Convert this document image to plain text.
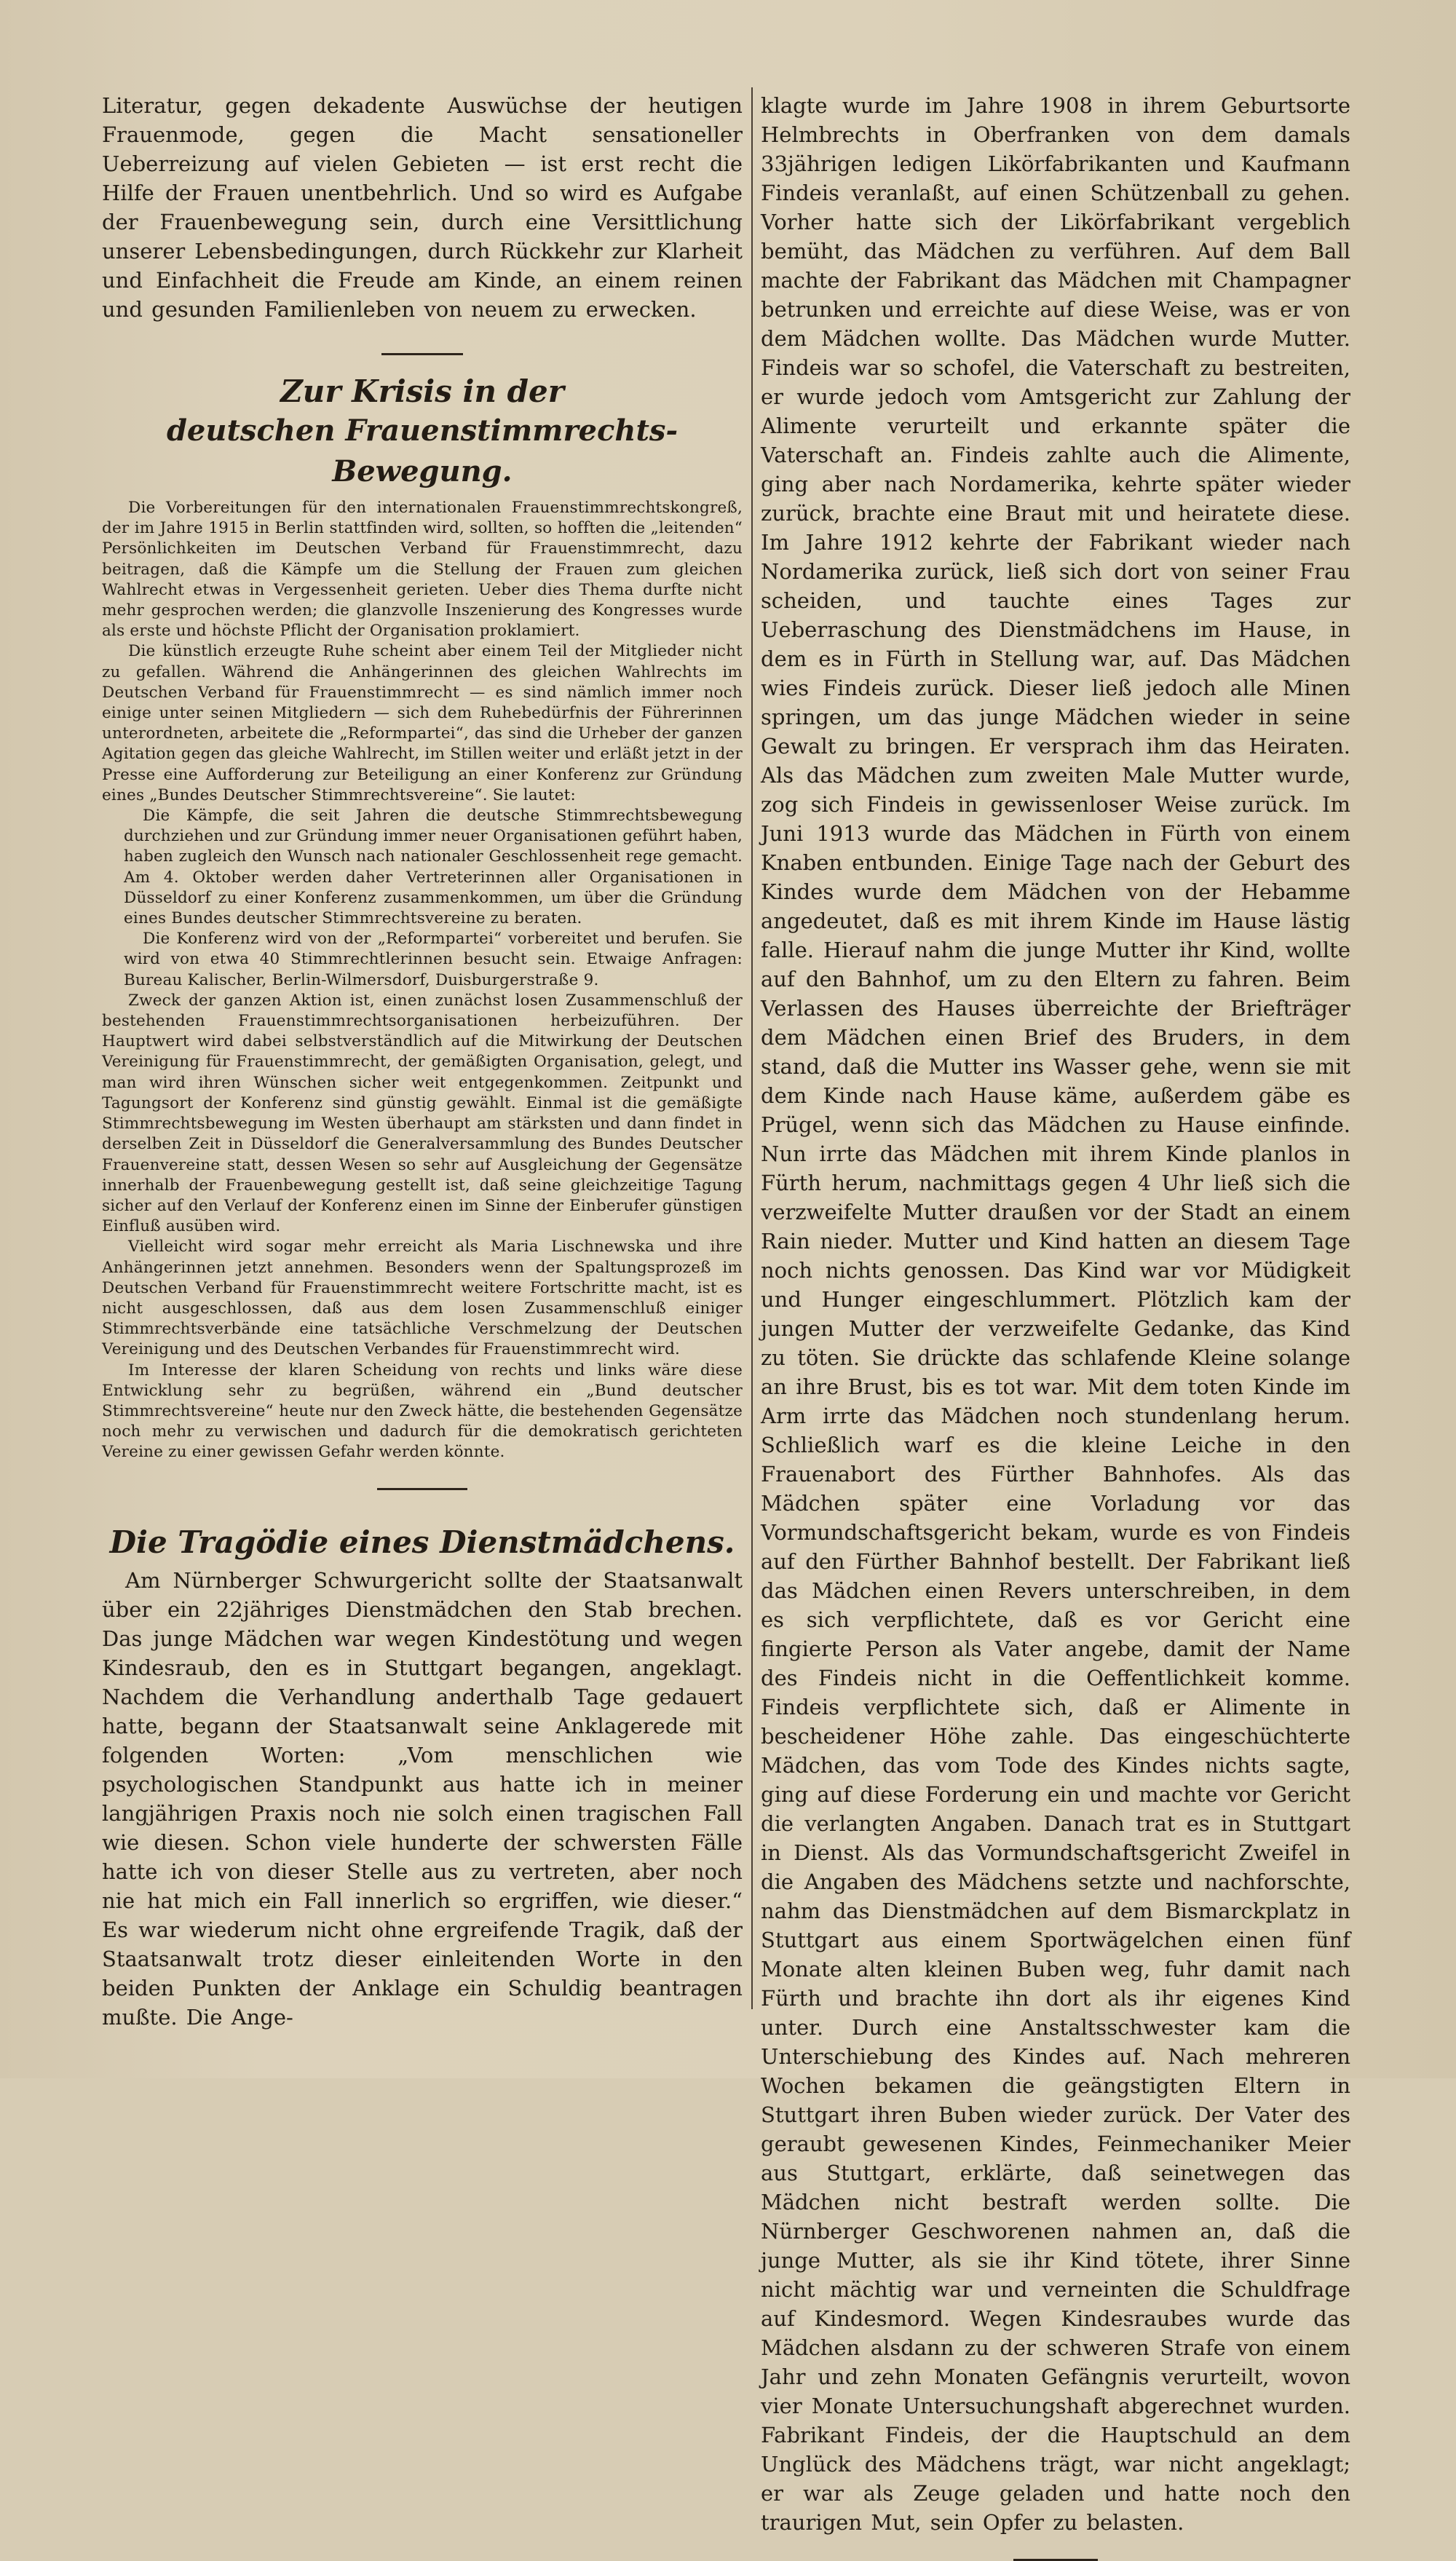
Literatur, gegen dekadente Auswüchse der heutigen Frauenmode, gegen die Macht sensationeller Ueberreizung auf vielen Gebieten — ist erst recht die Hilfe der Frauen unentbehrlich. Und so wird es Aufgabe der Frauenbewegung sein, durch eine Versittlichung unserer Lebensbedingungen, durch Rückkehr zur Klarheit und Einfachheit die Freude am Kinde, an einem reinen und gesunden Familienleben von neuem zu erwecken.

Zur Krisis in der
deutschen Frauenstimmrechts-Bewegung.

Die Vorbereitungen für den internationalen Frauenstimmrechtskongreß, der im Jahre 1915 in Berlin stattfinden wird, sollten, so hofften die „leitenden“ Persönlichkeiten im Deutschen Verband für Frauenstimmrecht, dazu beitragen, daß die Kämpfe um die Stellung der Frauen zum gleichen Wahlrecht etwas in Vergessenheit gerieten. Ueber dies Thema durfte nicht mehr gesprochen werden; die glanzvolle Inszenierung des Kongresses wurde als erste und höchste Pflicht der Organisation proklamiert.

Die künstlich erzeugte Ruhe scheint aber einem Teil der Mitglieder nicht zu gefallen. Während die Anhängerinnen des gleichen Wahlrechts im Deutschen Verband für Frauenstimmrecht — es sind nämlich immer noch einige unter seinen Mitgliedern — sich dem Ruhebedürfnis der Führerinnen unterordneten, arbeitete die „Reformpartei“, das sind die Urheber der ganzen Agitation gegen das gleiche Wahlrecht, im Stillen weiter und erläßt jetzt in der Presse eine Aufforderung zur Beteiligung an einer Konferenz zur Gründung eines „Bundes Deutscher Stimmrechtsvereine“. Sie lautet:

Die Kämpfe, die seit Jahren die deutsche Stimmrechtsbewegung durchziehen und zur Gründung immer neuer Organisationen geführt haben, haben zugleich den Wunsch nach nationaler Geschlossenheit rege gemacht. Am 4. Oktober werden daher Vertreterinnen aller Organisationen in Düsseldorf zu einer Konferenz zusammenkommen, um über die Gründung eines Bundes deutscher Stimmrechtsvereine zu beraten.

Die Konferenz wird von der „Reformpartei“ vorbereitet und berufen. Sie wird von etwa 40 Stimmrechtlerinnen besucht sein. Etwaige Anfragen: Bureau Kalischer, Berlin-Wilmersdorf, Duisburgerstraße 9.

Zweck der ganzen Aktion ist, einen zunächst losen Zusammenschluß der bestehenden Frauenstimmrechtsorganisationen herbeizuführen. Der Hauptwert wird dabei selbstverständlich auf die Mitwirkung der Deutschen Vereinigung für Frauenstimmrecht, der gemäßigten Organisation, gelegt, und man wird ihren Wünschen sicher weit entgegenkommen. Zeitpunkt und Tagungsort der Konferenz sind günstig gewählt. Einmal ist die gemäßigte Stimmrechtsbewegung im Westen überhaupt am stärksten und dann findet in derselben Zeit in Düsseldorf die Generalversammlung des Bundes Deutscher Frauenvereine statt, dessen Wesen so sehr auf Ausgleichung der Gegensätze innerhalb der Frauenbewegung gestellt ist, daß seine gleichzeitige Tagung sicher auf den Verlauf der Konferenz einen im Sinne der Einberufer günstigen Einfluß ausüben wird.

Vielleicht wird sogar mehr erreicht als Maria Lischnewska und ihre Anhängerinnen jetzt annehmen. Besonders wenn der Spaltungsprozeß im Deutschen Verband für Frauenstimmrecht weitere Fortschritte macht, ist es nicht ausgeschlossen, daß aus dem losen Zusammenschluß einiger Stimmrechtsverbände eine tatsächliche Verschmelzung der Deutschen Vereinigung und des Deutschen Verbandes für Frauenstimmrecht wird.

Im Interesse der klaren Scheidung von rechts und links wäre diese Entwicklung sehr zu begrüßen, während ein „Bund deutscher Stimmrechtsvereine“ heute nur den Zweck hätte, die bestehenden Gegensätze noch mehr zu verwischen und dadurch für die demokratisch gerichteten Vereine zu einer gewissen Gefahr werden könnte.

Die Tragödie eines Dienstmädchens.

Am Nürnberger Schwurgericht sollte der Staatsanwalt über ein 22jähriges Dienstmädchen den Stab brechen. Das junge Mädchen war wegen Kindestötung und wegen Kindesraub, den es in Stuttgart begangen, angeklagt. Nachdem die Verhandlung anderthalb Tage gedauert hatte, begann der Staatsanwalt seine Anklagerede mit folgenden Worten: „Vom menschlichen wie psychologischen Standpunkt aus hatte ich in meiner langjährigen Praxis noch nie solch einen tragischen Fall wie diesen. Schon viele hunderte der schwersten Fälle hatte ich von dieser Stelle aus zu vertreten, aber noch nie hat mich ein Fall innerlich so ergriffen, wie dieser.“ Es war wiederum nicht ohne ergreifende Tragik, daß der Staatsanwalt trotz dieser einleitenden Worte in den beiden Punkten der Anklage ein Schuldig beantragen mußte. Die Ange-

klagte wurde im Jahre 1908 in ihrem Geburtsorte Helmbrechts in Oberfranken von dem damals 33jährigen ledigen Likörfabrikanten und Kaufmann Findeis veranlaßt, auf einen Schützenball zu gehen. Vorher hatte sich der Likörfabrikant vergeblich bemüht, das Mädchen zu verführen. Auf dem Ball machte der Fabrikant das Mädchen mit Champagner betrunken und erreichte auf diese Weise, was er von dem Mädchen wollte. Das Mädchen wurde Mutter. Findeis war so schofel, die Vaterschaft zu bestreiten, er wurde jedoch vom Amtsgericht zur Zahlung der Alimente verurteilt und erkannte später die Vaterschaft an. Findeis zahlte auch die Alimente, ging aber nach Nordamerika, kehrte später wieder zurück, brachte eine Braut mit und heiratete diese. Im Jahre 1912 kehrte der Fabrikant wieder nach Nordamerika zurück, ließ sich dort von seiner Frau scheiden, und tauchte eines Tages zur Ueberraschung des Dienstmädchens im Hause, in dem es in Fürth in Stellung war, auf. Das Mädchen wies Findeis zurück. Dieser ließ jedoch alle Minen springen, um das junge Mädchen wieder in seine Gewalt zu bringen. Er versprach ihm das Heiraten. Als das Mädchen zum zweiten Male Mutter wurde, zog sich Findeis in gewissenloser Weise zurück. Im Juni 1913 wurde das Mädchen in Fürth von einem Knaben entbunden. Einige Tage nach der Geburt des Kindes wurde dem Mädchen von der Hebamme angedeutet, daß es mit ihrem Kinde im Hause lästig falle. Hierauf nahm die junge Mutter ihr Kind, wollte auf den Bahnhof, um zu den Eltern zu fahren. Beim Verlassen des Hauses überreichte der Briefträger dem Mädchen einen Brief des Bruders, in dem stand, daß die Mutter ins Wasser gehe, wenn sie mit dem Kinde nach Hause käme, außerdem gäbe es Prügel, wenn sich das Mädchen zu Hause einfinde. Nun irrte das Mädchen mit ihrem Kinde planlos in Fürth herum, nachmittags gegen 4 Uhr ließ sich die verzweifelte Mutter draußen vor der Stadt an einem Rain nieder. Mutter und Kind hatten an diesem Tage noch nichts genossen. Das Kind war vor Müdigkeit und Hunger eingeschlummert. Plötzlich kam der jungen Mutter der verzweifelte Gedanke, das Kind zu töten. Sie drückte das schlafende Kleine solange an ihre Brust, bis es tot war. Mit dem toten Kinde im Arm irrte das Mädchen noch stundenlang herum. Schließlich warf es die kleine Leiche in den Frauenabort des Fürther Bahnhofes. Als das Mädchen später eine Vorladung vor das Vormundschaftsgericht bekam, wurde es von Findeis auf den Fürther Bahnhof bestellt. Der Fabrikant ließ das Mädchen einen Revers unterschreiben, in dem es sich verpflichtete, daß es vor Gericht eine fingierte Person als Vater angebe, damit der Name des Findeis nicht in die Oeffentlichkeit komme. Findeis verpflichtete sich, daß er Alimente in bescheidener Höhe zahle. Das eingeschüchterte Mädchen, das vom Tode des Kindes nichts sagte, ging auf diese Forderung ein und machte vor Gericht die verlangten Angaben. Danach trat es in Stuttgart in Dienst. Als das Vormundschaftsgericht Zweifel in die Angaben des Mädchens setzte und nachforschte, nahm das Dienstmädchen auf dem Bismarckplatz in Stuttgart aus einem Sportwägelchen einen fünf Monate alten kleinen Buben weg, fuhr damit nach Fürth und brachte ihn dort als ihr eigenes Kind unter. Durch eine Anstaltsschwester kam die Unterschiebung des Kindes auf. Nach mehreren Wochen bekamen die geängstigten Eltern in Stuttgart ihren Buben wieder zurück. Der Vater des geraubt gewesenen Kindes, Feinmechaniker Meier aus Stuttgart, erklärte, daß seinetwegen das Mädchen nicht bestraft werden sollte. Die Nürnberger Geschworenen nahmen an, daß die junge Mutter, als sie ihr Kind tötete, ihrer Sinne nicht mächtig war und verneinten die Schuldfrage auf Kindesmord. Wegen Kindesraubes wurde das Mädchen alsdann zu der schweren Strafe von einem Jahr und zehn Monaten Gefängnis verurteilt, wovon vier Monate Untersuchungshaft abgerechnet wurden. Fabrikant Findeis, der die Hauptschuld an dem Unglück des Mädchens trägt, war nicht angeklagt; er war als Zeuge geladen und hatte noch den traurigen Mut, sein Opfer zu belasten.
